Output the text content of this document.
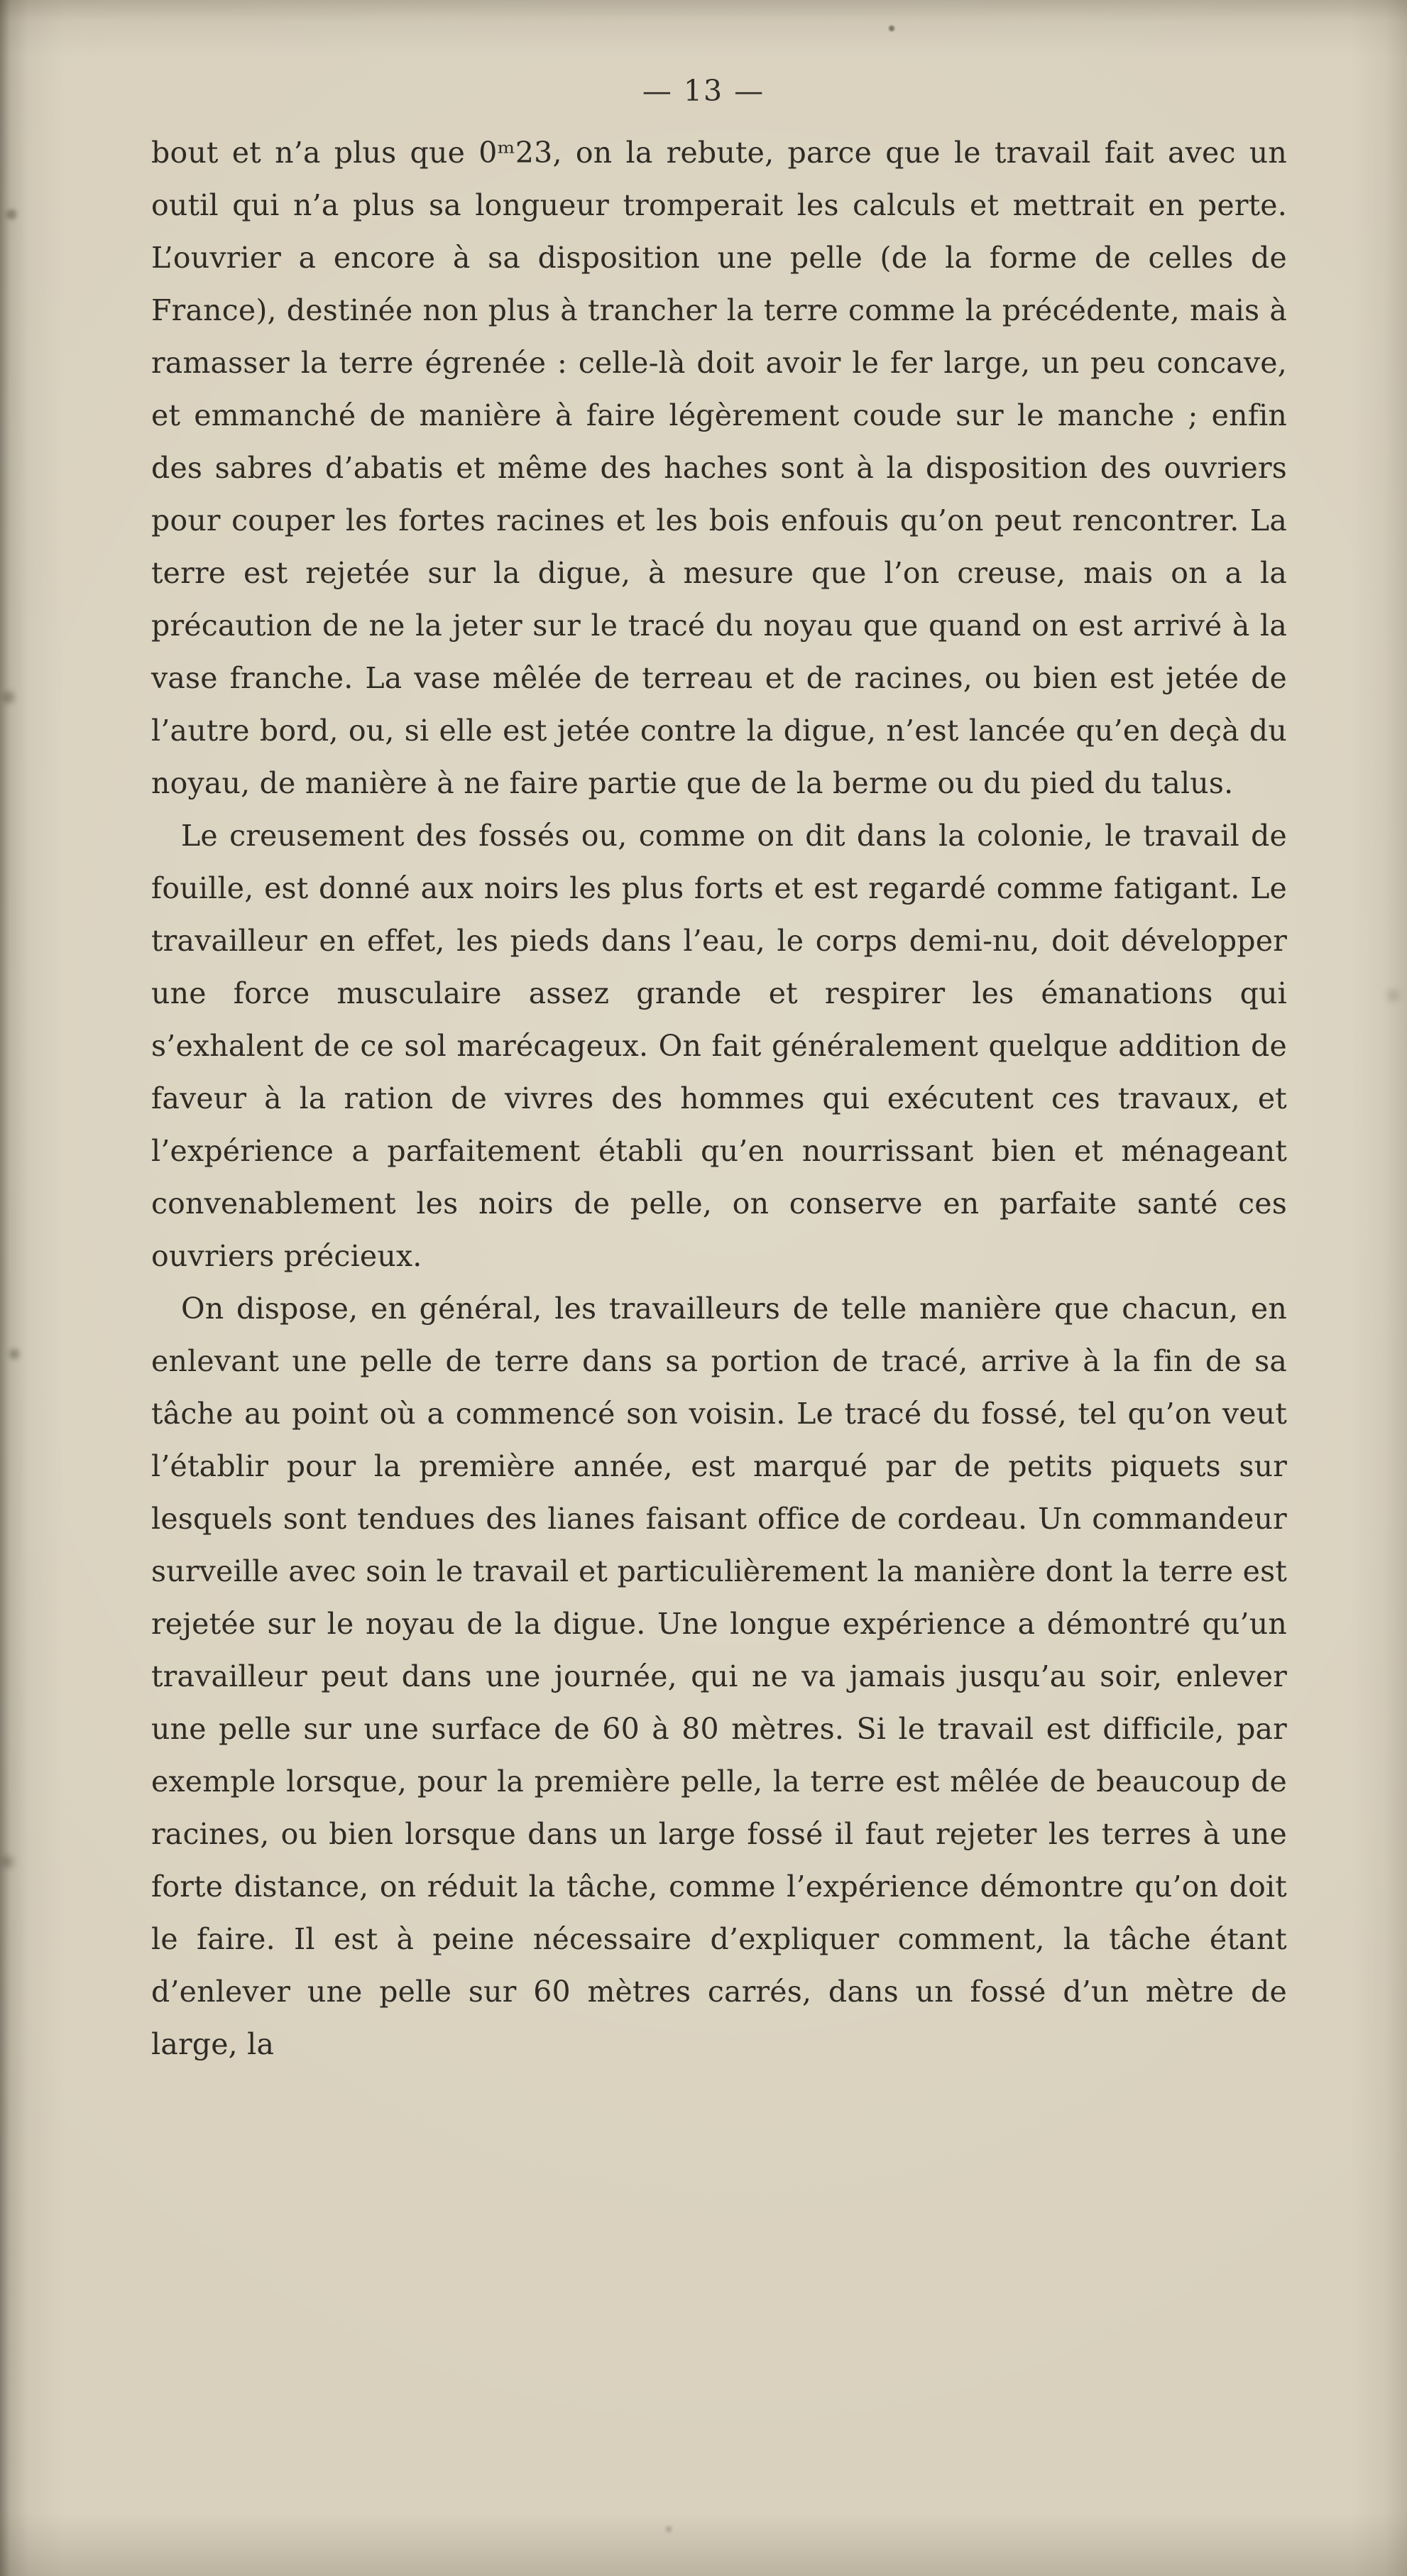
— 13 —

bout et n’a plus que 0ᵐ23, on la rebute, parce que le travail fait avec un outil qui n’a plus sa longueur tromperait les calculs et mettrait en perte. L’ouvrier a encore à sa disposition une pelle (de la forme de celles de France), destinée non plus à trancher la terre comme la précédente, mais à ramasser la terre égrenée : celle-là doit avoir le fer large, un peu concave, et emmanché de manière à faire légèrement coude sur le manche ; enfin des sabres d’abatis et même des haches sont à la disposition des ouvriers pour couper les fortes racines et les bois enfouis qu’on peut rencontrer. La terre est rejetée sur la digue, à mesure que l’on creuse, mais on a la précaution de ne la jeter sur le tracé du noyau que quand on est arrivé à la vase franche. La vase mêlée de terreau et de racines, ou bien est jetée de l’autre bord, ou, si elle est jetée contre la digue, n’est lancée qu’en deçà du noyau, de manière à ne faire partie que de la berme ou du pied du talus.

Le creusement des fossés ou, comme on dit dans la colonie, le travail de fouille, est donné aux noirs les plus forts et est regardé comme fatigant. Le travailleur en effet, les pieds dans l’eau, le corps demi-nu, doit développer une force musculaire assez grande et respirer les émanations qui s’exhalent de ce sol marécageux. On fait généralement quelque addition de faveur à la ration de vivres des hommes qui exécutent ces travaux, et l’expérience a parfaitement établi qu’en nourrissant bien et ménageant convenablement les noirs de pelle, on conserve en parfaite santé ces ouvriers précieux.

On dispose, en général, les travailleurs de telle manière que chacun, en enlevant une pelle de terre dans sa portion de tracé, arrive à la fin de sa tâche au point où a commencé son voisin. Le tracé du fossé, tel qu’on veut l’établir pour la première année, est marqué par de petits piquets sur lesquels sont tendues des lianes faisant office de cordeau. Un commandeur surveille avec soin le travail et particulièrement la manière dont la terre est rejetée sur le noyau de la digue. Une longue expérience a démontré qu’un travailleur peut dans une journée, qui ne va jamais jusqu’au soir, enlever une pelle sur une surface de 60 à 80 mètres. Si le travail est difficile, par exemple lorsque, pour la première pelle, la terre est mêlée de beaucoup de racines, ou bien lorsque dans un large fossé il faut rejeter les terres à une forte distance, on réduit la tâche, comme l’expérience démontre qu’on doit le faire. Il est à peine nécessaire d’expliquer comment, la tâche étant d’enlever une pelle sur 60 mètres carrés, dans un fossé d’un mètre de large, la
